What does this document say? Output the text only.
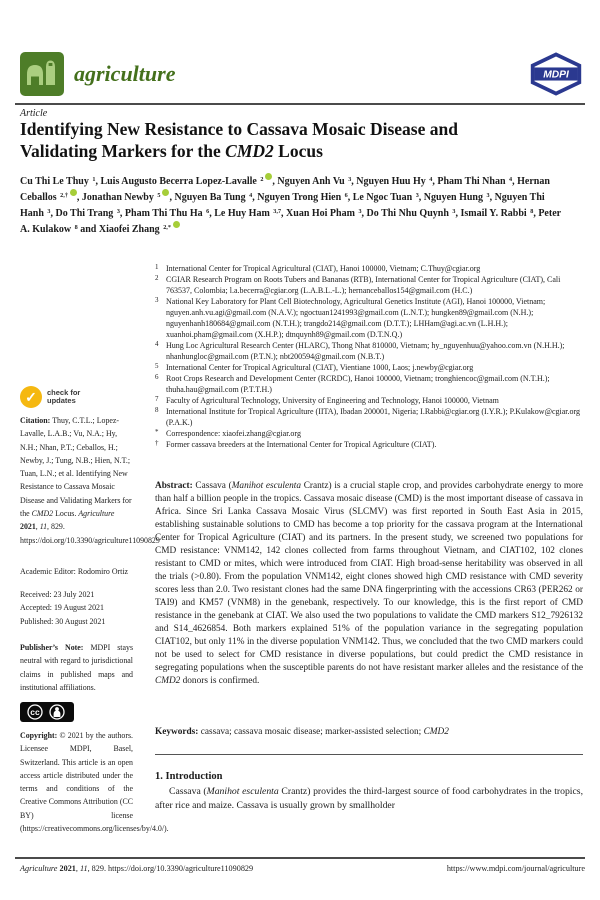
agriculture	MDPI
Article
Identifying New Resistance to Cassava Mosaic Disease and
Validating Markers for the CMD2 Locus
Cu Thi Le Thuy $^1$, Luis Augusto Becerra Lopez-Lavalle $^2$ , Nguyen Anh Vu $^3$, Nguyen Huu Hy $^4$, Pham Thi Nhan $^4$, Hernan Ceballos $^{2,\dagger}$ , Jonathan Newby $^5$ , Nguyen Ba Tung $^4$, Nguyen Trong Hien $^6$, Le Ngoc Tuan $^3$, Nguyen Hung $^3$, Nguyen Thi Hanh $^3$, Do Thi Trang $^3$, Pham Thi Thu Ha $^6$, Le Huy Ham $^{3,7}$, Xuan Hoi Pham $^3$, Do Thi Nhu Quynh $^3$, Ismail Y. Rabbi $^8$, Peter A. Kulakow $^8$ and Xiaofei Zhang $^{2,*}$
1 International Center for Tropical Agricultural (CIAT), Hanoi 100000, Vietnam; C.Thuy@cgiar.org
2 CGIAR Research Program on Roots Tubers and Bananas (RTB), International Center for Tropical Agriculture (CIAT), Cali 763537, Colombia; l.a.becerra@cgiar.org (L.A.B.L.-L.); hernanceballos154@gmail.com (H.C.)
3 National Key Laboratory for Plant Cell Biotechnology, Agricultural Genetics Institute (AGI), Hanoi 100000, Vietnam; nguyen.anh.vu.agi@gmail.com (N.A.V.); ngoctuan1241993@gmail.com (L.N.T.); hungken89@gmail.com (N.H.); nguyenhanh180684@gmail.com (N.T.H.); trangdo214@gmail.com (D.T.T.); LHHam@agi.ac.vn (L.H.H.); xuanhoi.pham@gmail.com (X.H.P.); dtnquynh89@gmail.com (D.T.N.Q.)
4 Hung Loc Agricultural Research Center (HLARC), Thong Nhat 810000, Vietnam; hy_nguyenhuu@yahoo.com.vn (N.H.H.); nhanhungloc@gmail.com (P.T.N.); nbt200594@gmail.com (N.B.T.)
5 International Center for Tropical Agricultural (CIAT), Vientiane 1000, Laos; j.newby@cgiar.org
6 Root Crops Research and Development Center (RCRDC), Hanoi 100000, Vietnam; tronghiencoc@gmail.com (N.T.H.); thuha.hau@gmail.com (P.T.T.H.)
7 Faculty of Agricultural Technology, University of Engineering and Technology, Hanoi 100000, Vietnam
8 International Institute for Tropical Agriculture (IITA), Ibadan 200001, Nigeria; I.Rabbi@cgiar.org (I.Y.R.); P.Kulakow@cgiar.org (P.A.K.)
* Correspondence: xiaofei.zhang@cgiar.org
† Former cassava breeders at the International Center for Tropical Agriculture (CIAT).
✓	check for
updates
Citation: Thuy, C.T.L.; Lopez-Lavalle, L.A.B.; Vu, N.A.; Hy, N.H.; Nhan, P.T.; Ceballos, H.; Newby, J.; Tung, N.B.; Hien, N.T.; Tuan, L.N.; et al. Identifying New Resistance to Cassava Mosaic Disease and Validating Markers for the CMD2 Locus. Agriculture 2021, 11, 829. https://doi.org/10.3390/agriculture11090829
Academic Editor: Rodomiro Ortiz
Received: 23 July 2021
Accepted: 19 August 2021
Published: 30 August 2021
Publisher’s Note: MDPI stays neutral with regard to jurisdictional claims in published maps and institutional affiliations.
cc
Copyright: © 2021 by the authors. Licensee MDPI, Basel, Switzerland. This article is an open access article distributed under the terms and conditions of the Creative Commons Attribution (CC BY) license (https://creativecommons.org/licenses/by/4.0/).
Abstract: Cassava (Manihot esculenta Crantz) is a crucial staple crop, and provides carbohydrate energy to more than half a billion people in the tropics. Cassava mosaic disease (CMD) is the most important disease of cassava in Africa. Since Sri Lanka Cassava Mosaic Virus (SLCMV) was first reported in South East Asia in 2015, establishing sustainable solutions to CMD has become a top priority for the cassava program at the International Center for Tropical Agriculture (CIAT) and its partners. In the present study, we screened two populations for CMD resistance: VNM142, 142 clones collected from farms throughout Vietnam, and CIAT102, 102 clones resistant to CMD or mites, which were introduced from CIAT. High broad-sense heritability was observed in all the trials (>0.80). From the population VNM142, eight clones showed high CMD resistance with CMD severity scores less than 2.0. Two resistant clones had the same DNA fingerprinting with the accessions CR63 (PER262 or TAI9) and KM57 (VNM8) in the genebank, respectively. To our knowledge, this is the first report of CMD resistance in the genebank at CIAT. We also used the two populations to validate the CMD markers S12_7926132 and S14_4626854. Both markers explained 51% of the population variance in the segregating population CIAT102, but only 11% in the diverse population VNM142. Thus, we concluded that the two CMD markers could not be used to select for CMD resistance in diverse populations, but could predict the CMD resistance in segregating populations when the susceptible parents do not have resistant marker alleles and the resistance of the CMD2 donors is confirmed.
Keywords: cassava; cassava mosaic disease; marker-assisted selection; CMD2
1. Introduction
Cassava (Manihot esculenta Crantz) provides the third-largest source of food carbohydrates in the tropics, after rice and maize. Cassava is usually grown by smallholder
Agriculture 2021, 11, 829. https://doi.org/10.3390/agriculture11090829	https://www.mdpi.com/journal/agriculture
